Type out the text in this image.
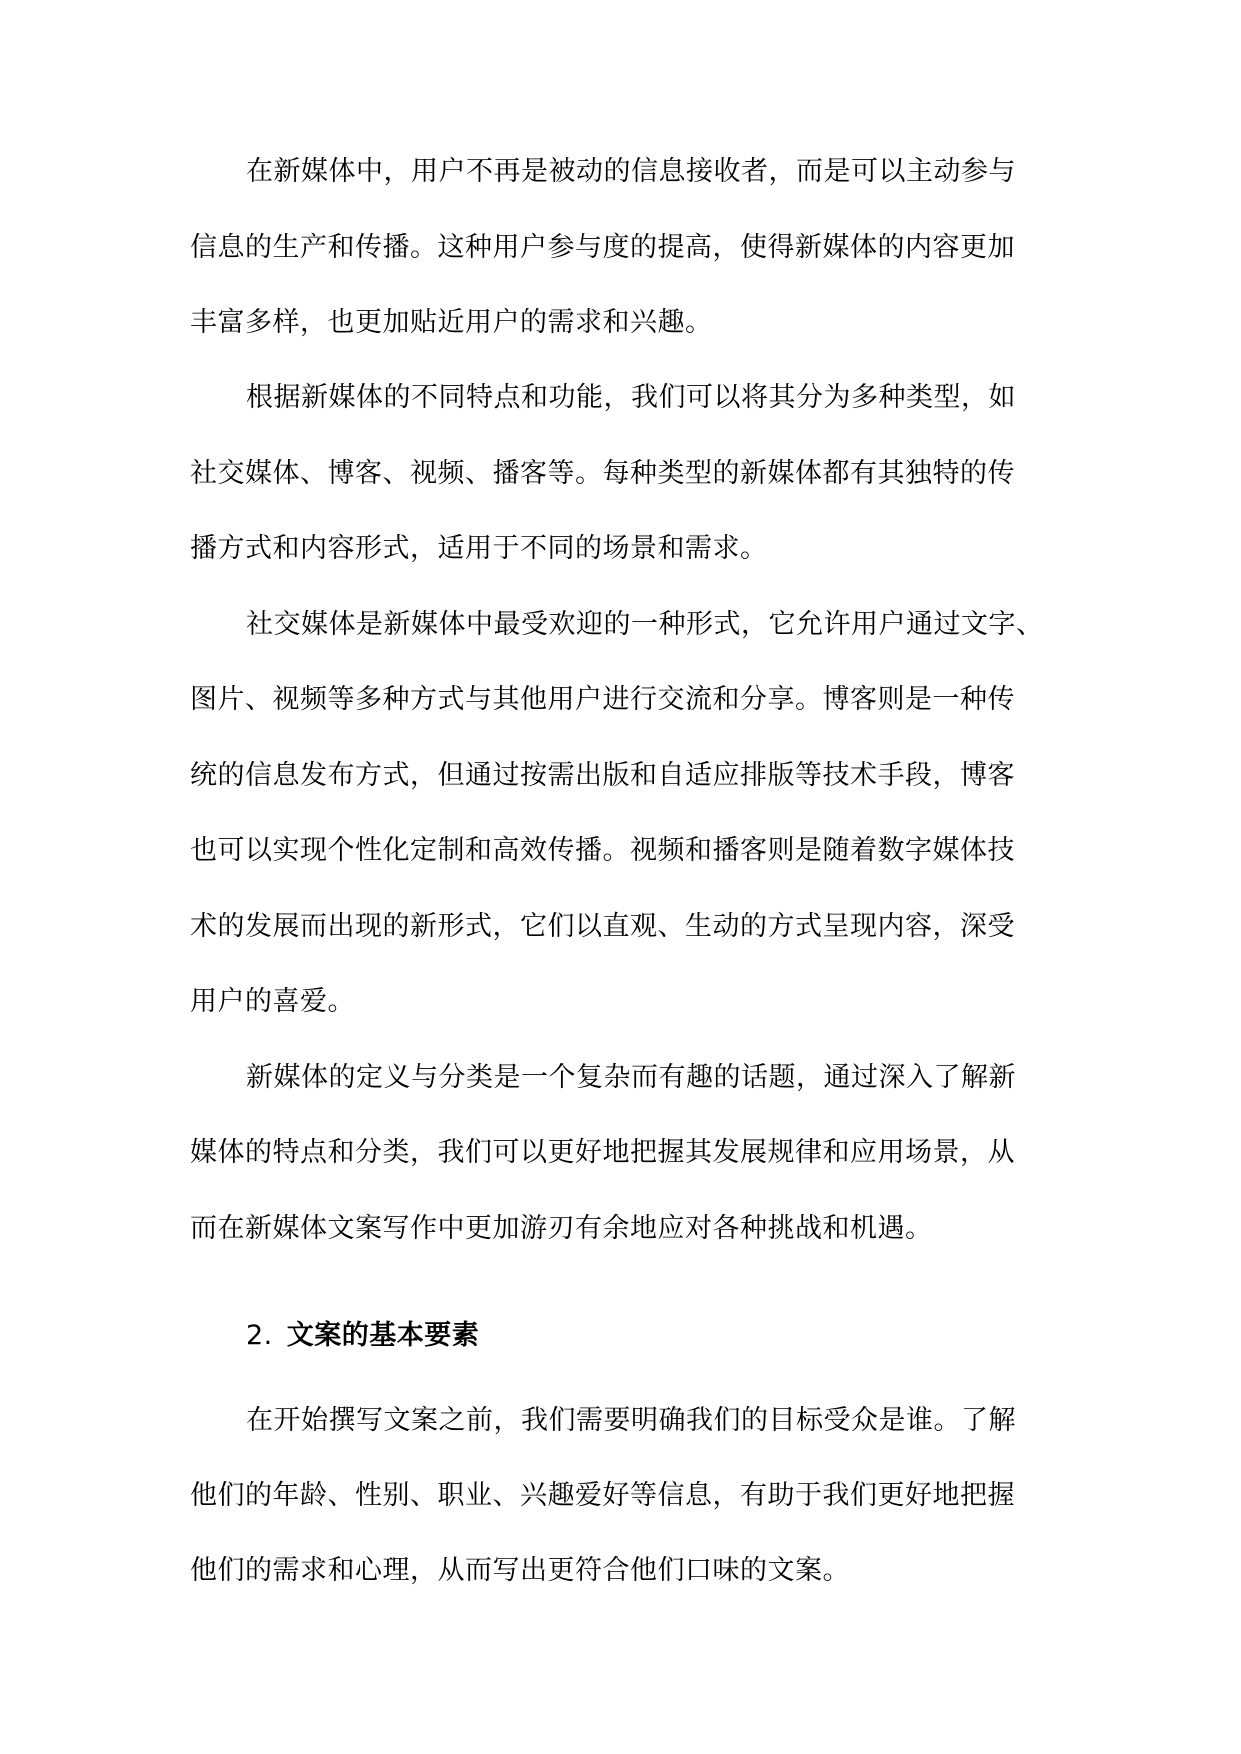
在新媒体中，用户不再是被动的信息接收者，而是可以主动参与
信息的生产和传播。这种用户参与度的提高，使得新媒体的内容更加
丰富多样，也更加贴近用户的需求和兴趣。
根据新媒体的不同特点和功能，我们可以将其分为多种类型，如
社交媒体、博客、视频、播客等。每种类型的新媒体都有其独特的传
播方式和内容形式，适用于不同的场景和需求。
社交媒体是新媒体中最受欢迎的一种形式，它允许用户通过文字、
图片、视频等多种方式与其他用户进行交流和分享。博客则是一种传
统的信息发布方式，但通过按需出版和自适应排版等技术手段，博客
也可以实现个性化定制和高效传播。视频和播客则是随着数字媒体技
术的发展而出现的新形式，它们以直观、生动的方式呈现内容，深受
用户的喜爱。
新媒体的定义与分类是一个复杂而有趣的话题，通过深入了解新
媒体的特点和分类，我们可以更好地把握其发展规律和应用场景，从
而在新媒体文案写作中更加游刃有余地应对各种挑战和机遇。
2. 文案的基本要素
在开始撰写文案之前，我们需要明确我们的目标受众是谁。了解
他们的年龄、性别、职业、兴趣爱好等信息，有助于我们更好地把握
他们的需求和心理，从而写出更符合他们口味的文案。
